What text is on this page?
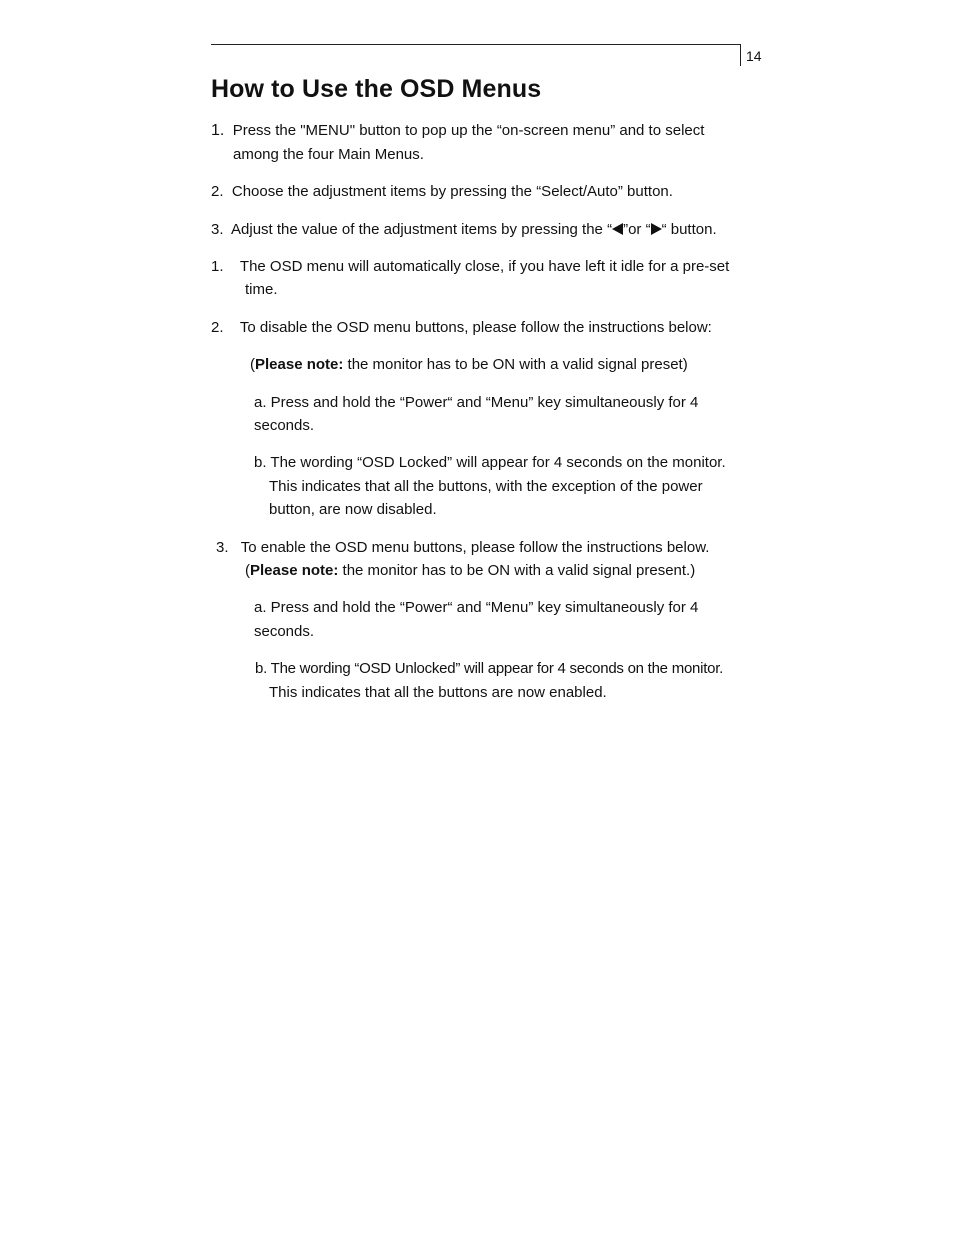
14
How to Use the OSD Menus
1. Press the "MENU" button to pop up the “on-screen menu” and to select
among the four Main Menus.
2. Choose the adjustment items by pressing the “Select/Auto” button.
3. Adjust the value of the adjustment items by pressing the “ ”or “ “ button.
1. The OSD menu will automatically close, if you have left it idle for a pre-set
time.
2. To disable the OSD menu buttons, please follow the instructions below:
(Please note: the monitor has to be ON with a valid signal preset)
a. Press and hold the “Power“ and “Menu” key simultaneously for 4
seconds.
b. The wording “OSD Locked” will appear for 4 seconds on the monitor.
This indicates that all the buttons, with the exception of the power
button, are now disabled.
3. To enable the OSD menu buttons, please follow the instructions below.
(Please note: the monitor has to be ON with a valid signal present.)
a. Press and hold the “Power“ and “Menu” key simultaneously for 4
seconds.
b. The wording “OSD Unlocked” will appear for 4 seconds on the monitor.
This indicates that all the buttons are now enabled.
